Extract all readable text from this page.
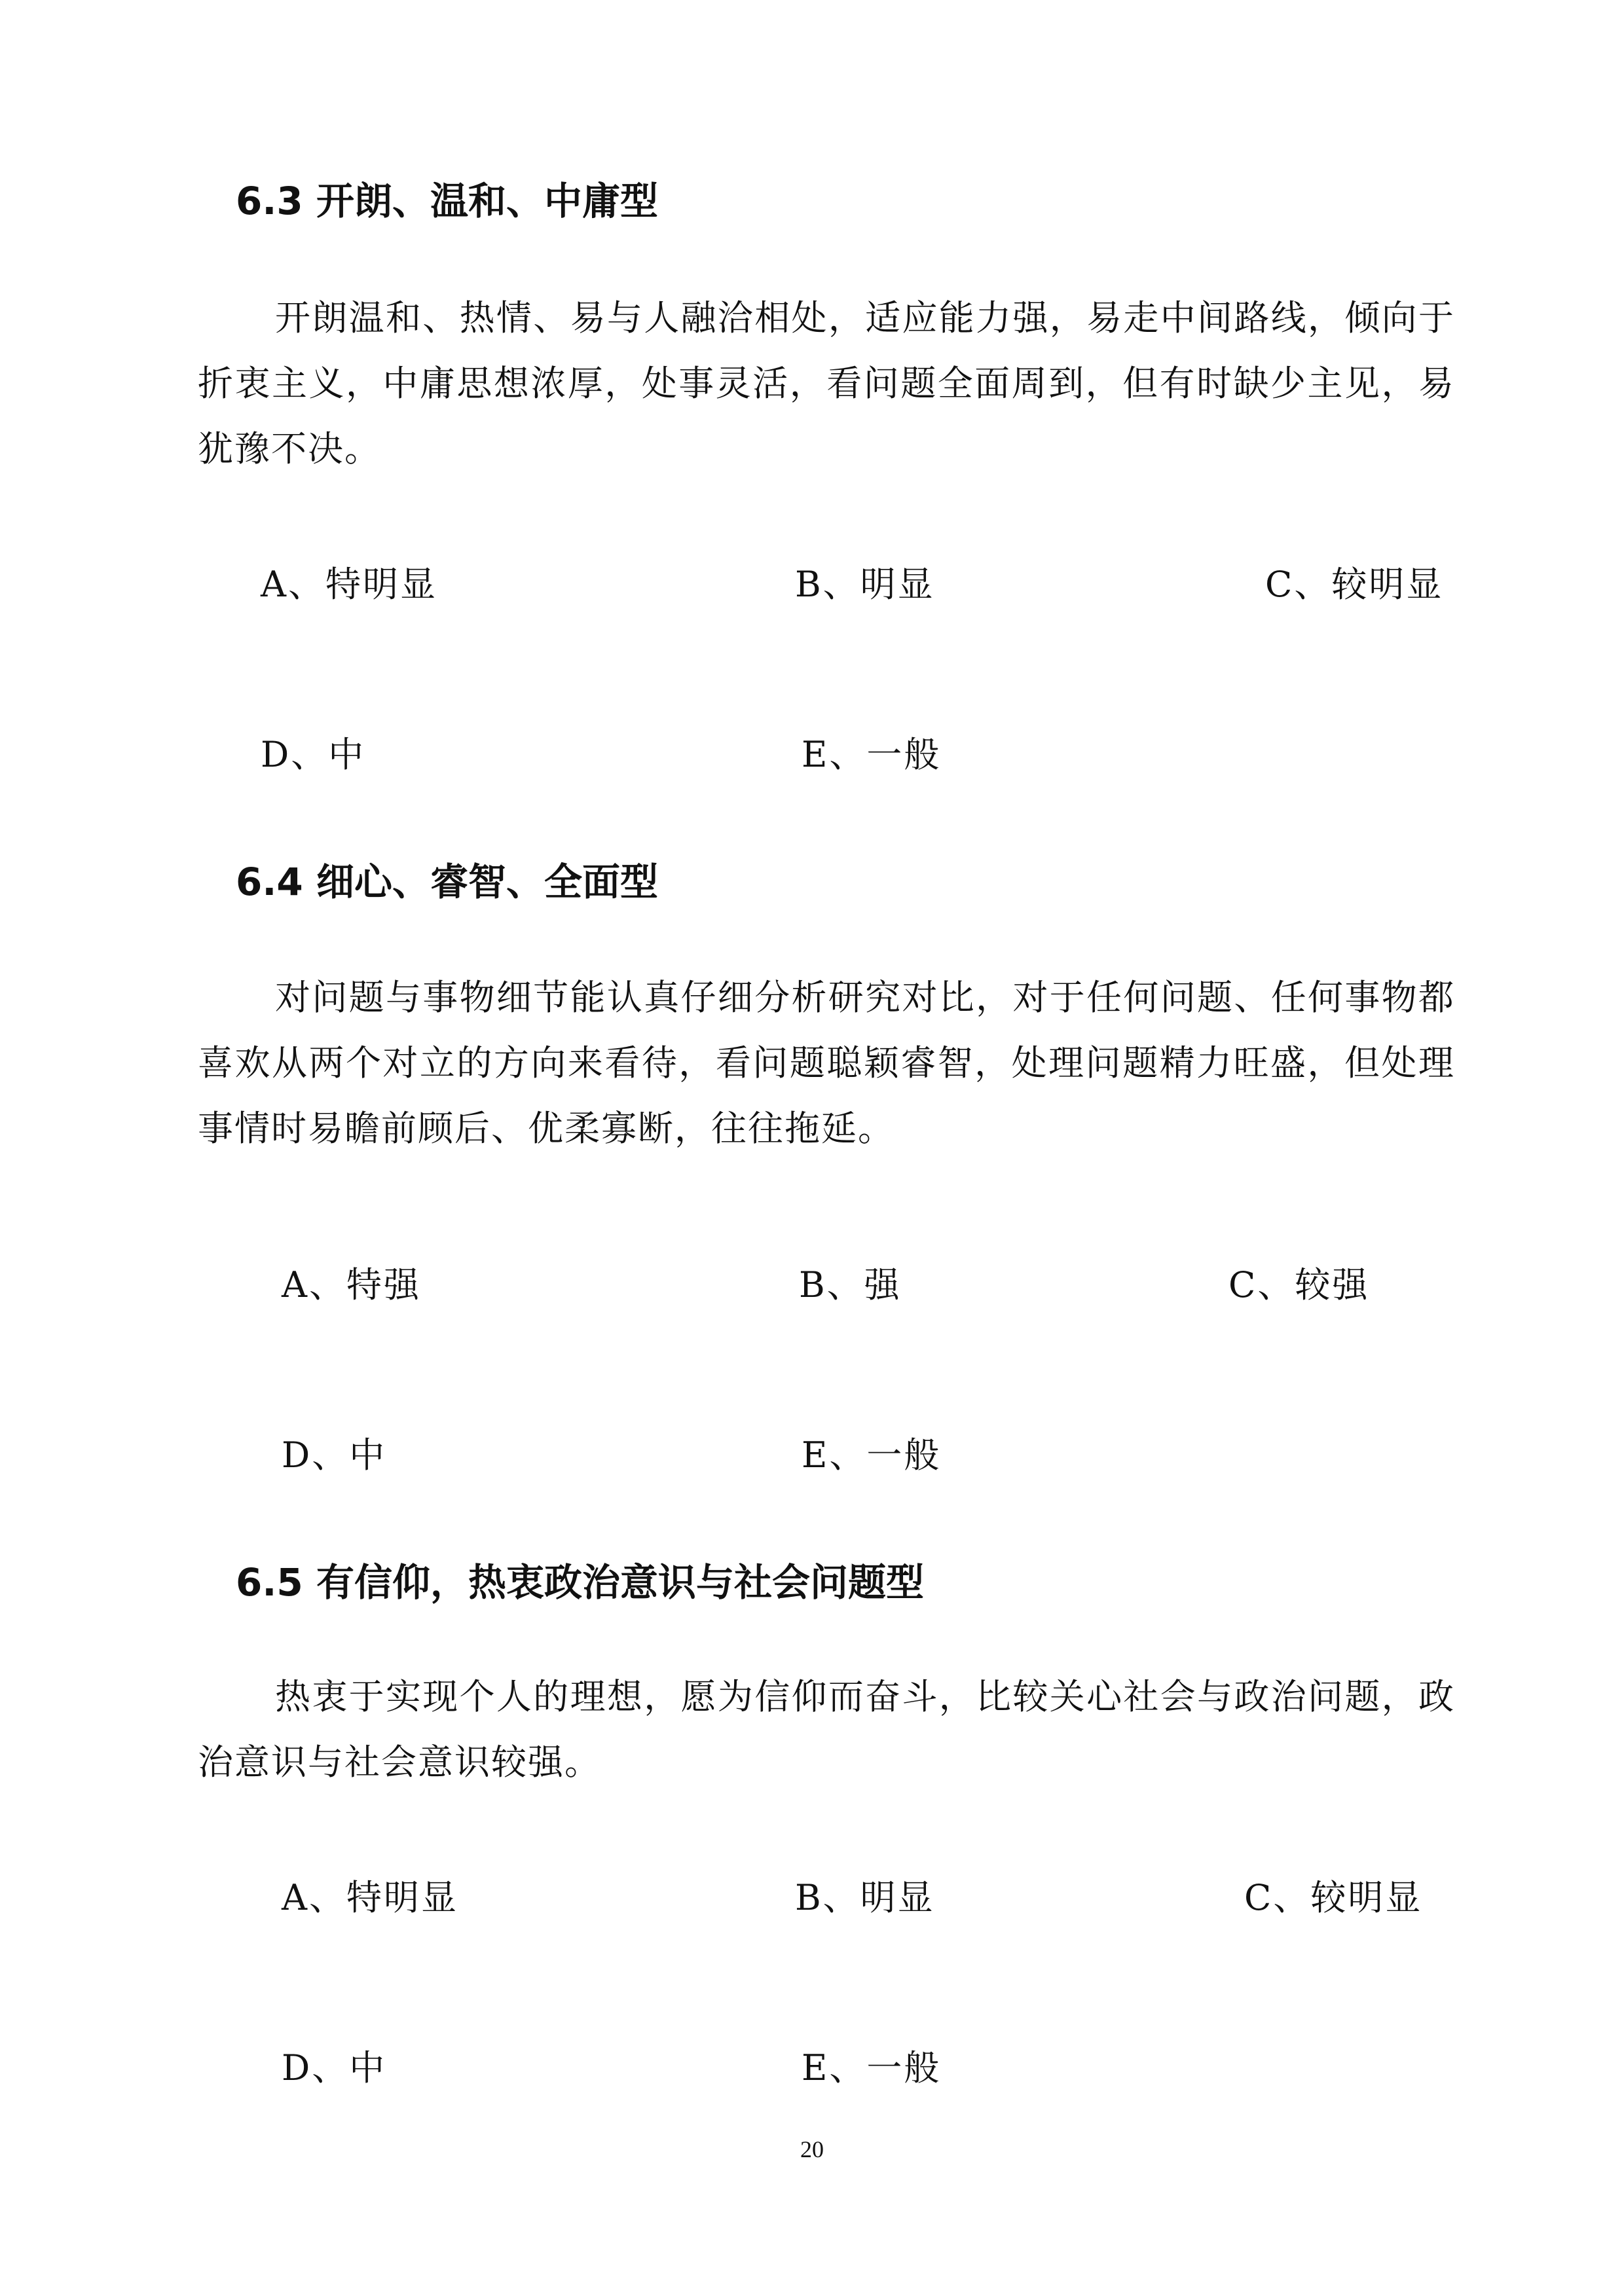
6.3 开朗、温和、中庸型
开朗温和、热情、易与人融洽相处，适应能力强，易走中间路线，倾向于折衷主义，中庸思想浓厚，处事灵活，看问题全面周到，但有时缺少主见，易犹豫不决。
A、特明显	B、明显	C、较明显
D、中	E、一般
6.4 细心、睿智、全面型
对问题与事物细节能认真仔细分析研究对比，对于任何问题、任何事物都喜欢从两个对立的方向来看待，看问题聪颖睿智，处理问题精力旺盛，但处理事情时易瞻前顾后、优柔寡断，往往拖延。
A、特强	B、强	C、较强
D、中	E、一般
6.5 有信仰，热衷政治意识与社会问题型
热衷于实现个人的理想，愿为信仰而奋斗，比较关心社会与政治问题，政治意识与社会意识较强。
A、特明显	B、明显	C、较明显
D、中	E、一般
20
